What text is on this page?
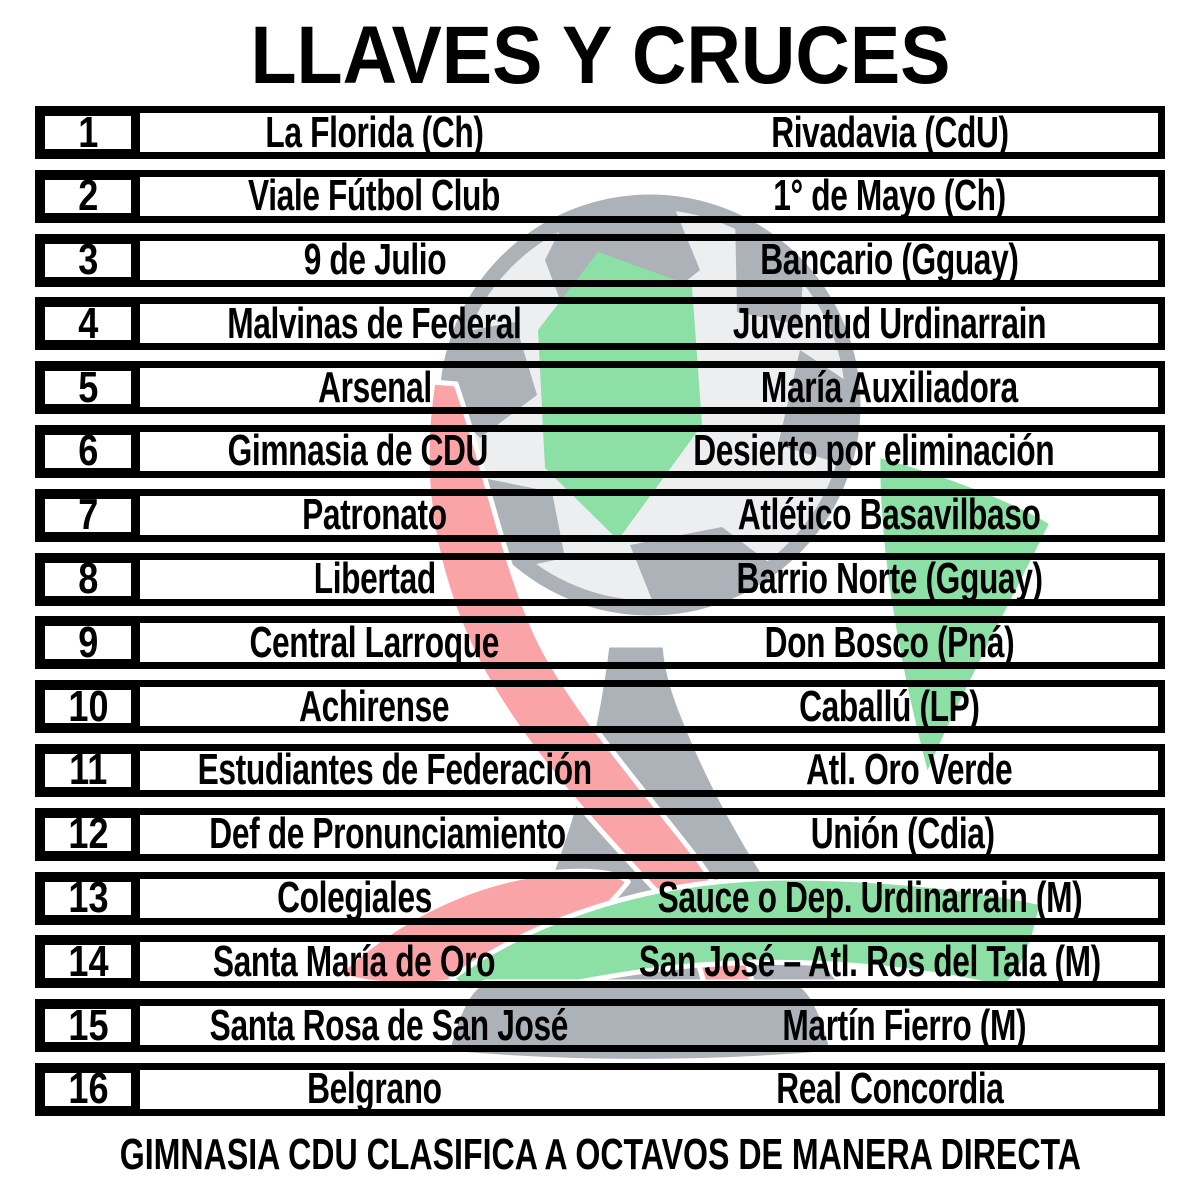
LLAVES Y CRUCES
1	La Florida (Ch)	Rivadavia (CdU)
2	Viale Fútbol Club	1° de Mayo (Ch)
3	9 de Julio	Bancario (Gguay)
4	Malvinas de Federal	Juventud Urdinarrain
5	Arsenal	María Auxiliadora
6	Gimnasia de CDU	Desierto por eliminación
7	Patronato	Atlético Basavilbaso
8	Libertad	Barrio Norte (Gguay)
9	Central Larroque	Don Bosco (Pná)
10	Achirense	Caballú (LP)
11 Estudiantes de Federación	Atl. Oro Verde
12 Def de Pronunciamiento	Unión (Cdia)
13	Colegiales	Sauce o Dep. Urdinarrain (M)
14 Santa María de Oro	San José – Atl. Ros del Tala (M)
15 Santa Rosa de San José	Martín Fierro (M)
16	Belgrano	Real Concordia
GIMNASIA CDU CLASIFICA A OCTAVOS DE MANERA DIRECTA
